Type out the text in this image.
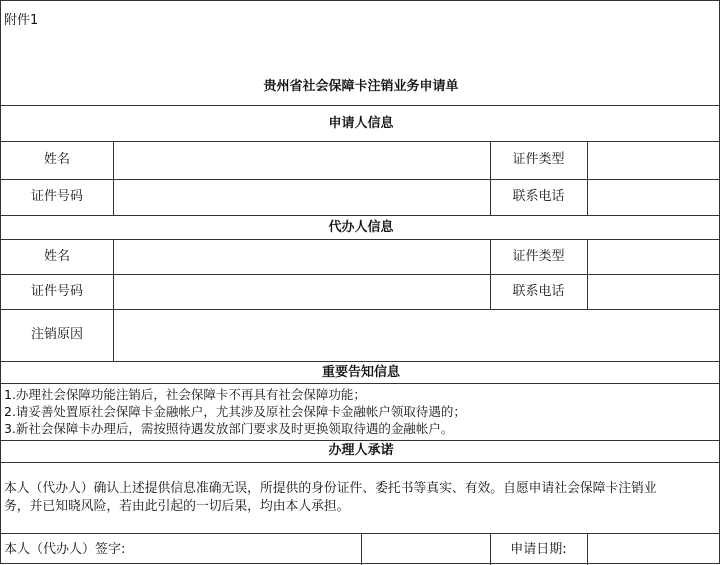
附件1
贵州省社会保障卡注销业务申请单
申请人信息
姓名	证件类型
证件号码	联系电话
代办人信息
姓名	证件类型
证件号码	联系电话
注销原因
重要告知信息
1.办理社会保障功能注销后，社会保障卡不再具有社会保障功能；
2.请妥善处置原社会保障卡金融帐户，尤其涉及原社会保障卡金融帐户领取待遇的；
3.新社会保障卡办理后，需按照待遇发放部门要求及时更换领取待遇的金融帐户。
办理人承诺
本人（代办人）确认上述提供信息准确无误，所提供的身份证件、委托书等真实、有效。自愿申请社会保障卡注销业
务，并已知晓风险，若由此引起的一切后果，均由本人承担。
本人（代办人）签字:	申请日期:
